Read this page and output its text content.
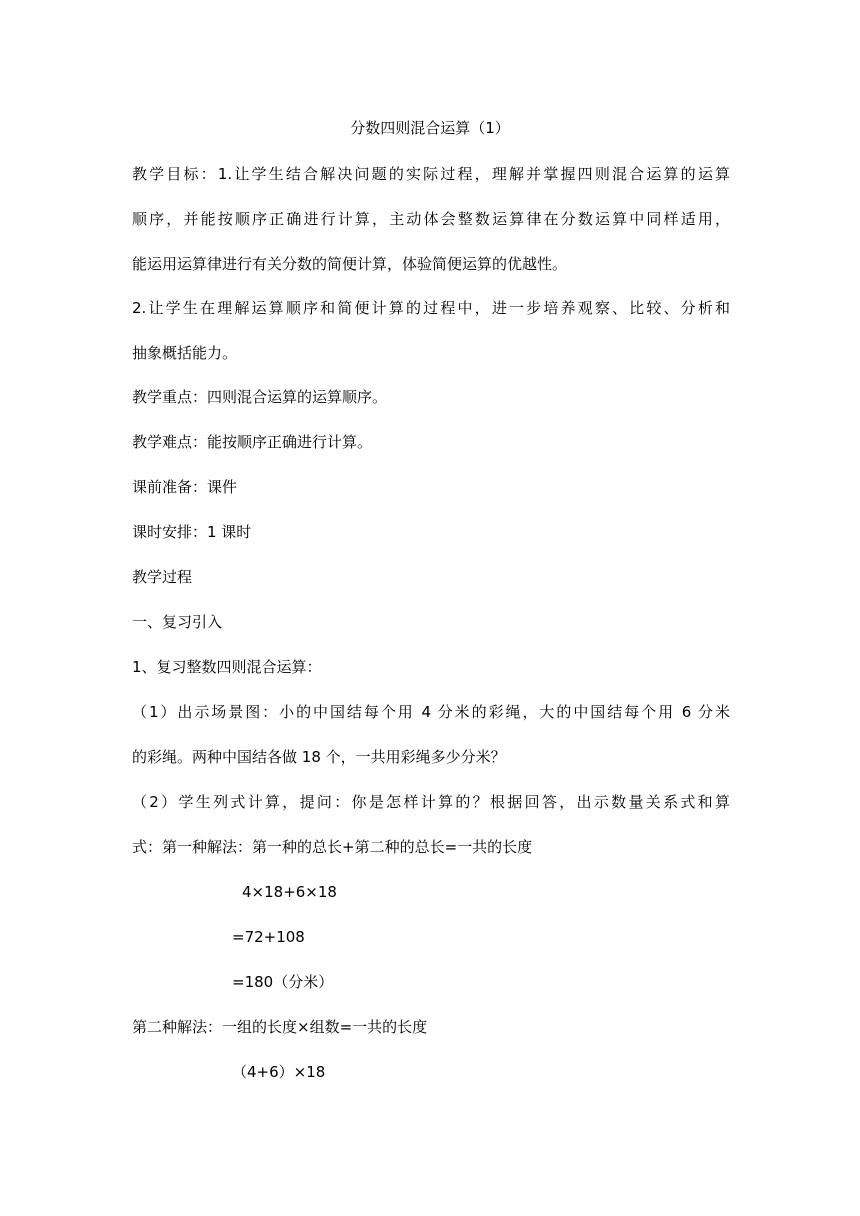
分数四则混合运算（1）
教学目标：1.让学生结合解决问题的实际过程，理解并掌握四则混合运算的运算
顺序，并能按顺序正确进行计算，主动体会整数运算律在分数运算中同样适用，
能运用运算律进行有关分数的简便计算，体验简便运算的优越性。
2.让学生在理解运算顺序和简便计算的过程中，进一步培养观察、比较、分析和
抽象概括能力。
教学重点：四则混合运算的运算顺序。
教学难点：能按顺序正确进行计算。
课前准备：课件
课时安排：1 课时
教学过程
一、复习引入
1、复习整数四则混合运算：
（1）出示场景图：小的中国结每个用 4 分米的彩绳，大的中国结每个用 6 分米
的彩绳。两种中国结各做 18 个，一共用彩绳多少分米？
（2）学生列式计算，提问：你是怎样计算的？根据回答，出示数量关系式和算
式：第一种解法：第一种的总长+第二种的总长=一共的长度
4×18+6×18
=72+108
=180（分米）
第二种解法：一组的长度×组数=一共的长度
（4+6）×18
